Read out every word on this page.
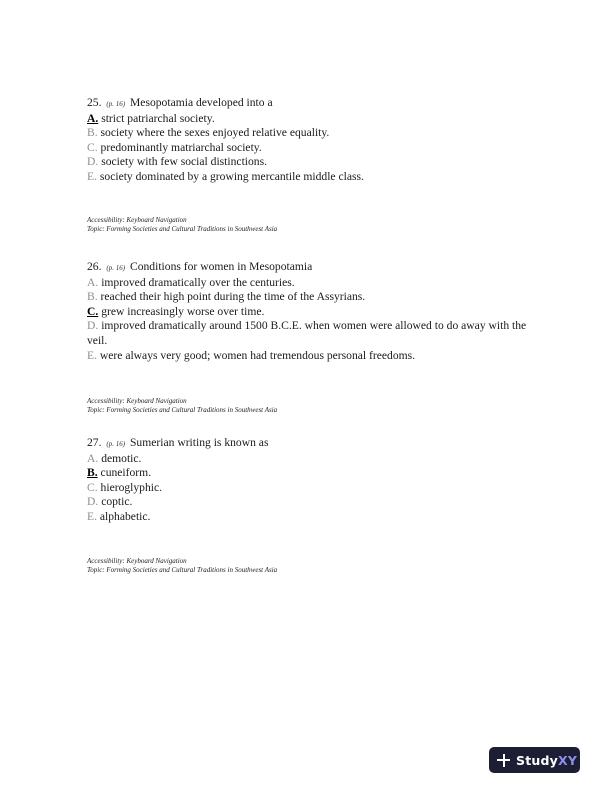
25. (p. 16) Mesopotamia developed into a

A. strict patriarchal society.

B. society where the sexes enjoyed relative equality.

C. predominantly matriarchal society.

D. society with few social distinctions.

E. society dominated by a growing mercantile middle class.

Accessibility: Keyboard Navigation
Topic: Forming Societies and Cultural Traditions in Southwest Asia

26. (p. 16) Conditions for women in Mesopotamia

A. improved dramatically over the centuries.

B. reached their high point during the time of the Assyrians.

C. grew increasingly worse over time.

D. improved dramatically around 1500 B.C.E. when women were allowed to do away with the veil.

E. were always very good; women had tremendous personal freedoms.

Accessibility: Keyboard Navigation
Topic: Forming Societies and Cultural Traditions in Southwest Asia

27. (p. 16) Sumerian writing is known as

A. demotic.

B. cuneiform.

C. hieroglyphic.

D. coptic.

E. alphabetic.

Accessibility: Keyboard Navigation
Topic: Forming Societies and Cultural Traditions in Southwest Asia
StudyXY
